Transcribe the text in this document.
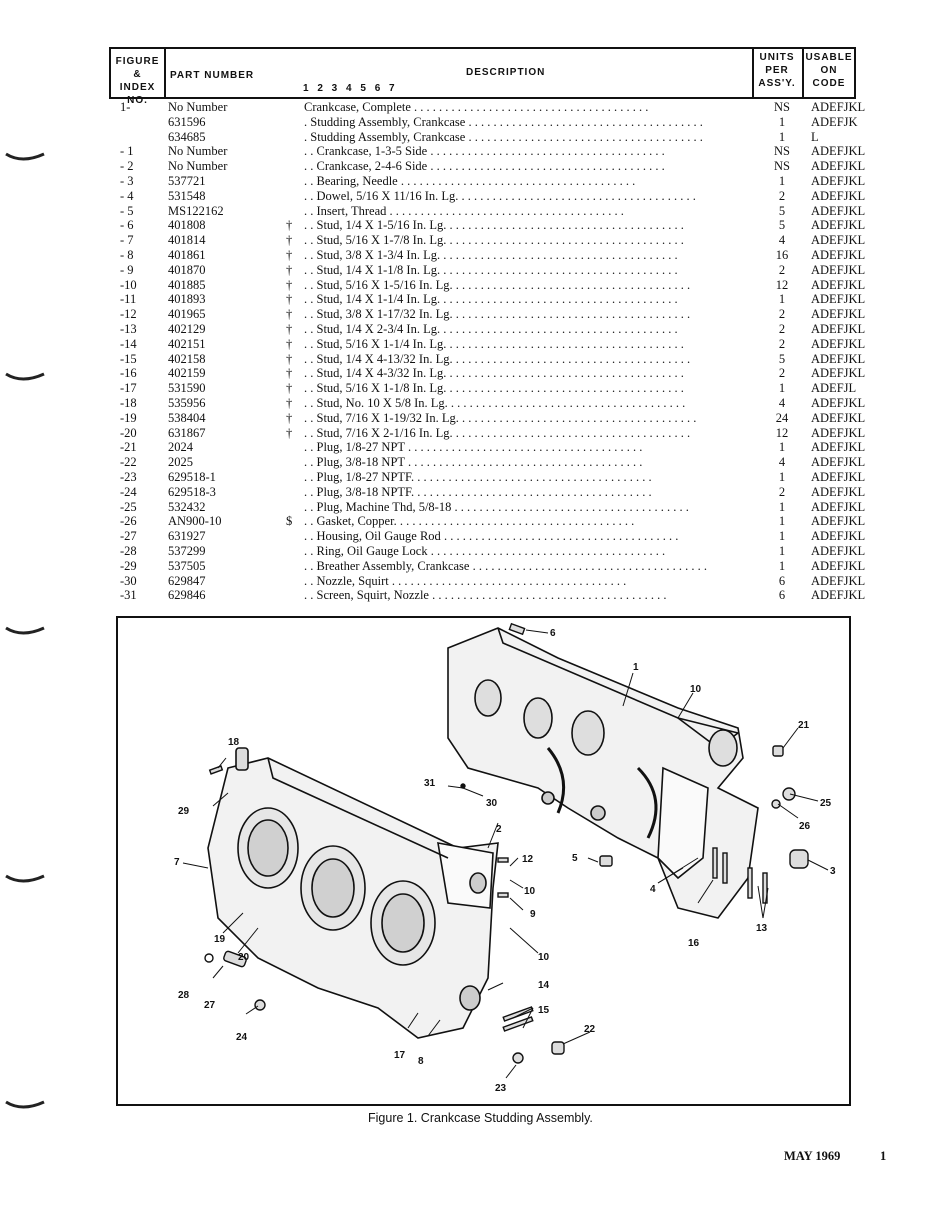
FIGURE &
INDEX
NO.
PART NUMBER
1 2 3 4 5 6 7
DESCRIPTION
UNITS
PER
ASS'Y.
USABLE
ON
CODE
1-	No Number	Crankcase, Complete . . . . . . . . . . . . . . . . . . . . . . . . . . . . . . . . . . . . . .	NS	ADEFJKL
631596	. Studding Assembly, Crankcase . . . . . . . . . . . . . . . . . . . . . . . . . . . . . . . . . . . . . .	1	ADEFJK
634685	. Studding Assembly, Crankcase . . . . . . . . . . . . . . . . . . . . . . . . . . . . . . . . . . . . . .	1	L
- 1	No Number	. . Crankcase, 1-3-5 Side . . . . . . . . . . . . . . . . . . . . . . . . . . . . . . . . . . . . . .	NS	ADEFJKL
- 2	No Number	. . Crankcase, 2-4-6 Side . . . . . . . . . . . . . . . . . . . . . . . . . . . . . . . . . . . . . .	NS	ADEFJKL
- 3	537721	. . Bearing, Needle . . . . . . . . . . . . . . . . . . . . . . . . . . . . . . . . . . . . . .	1	ADEFJKL
- 4	531548	. . Dowel, 5/16 X 11/16 In. Lg. . . . . . . . . . . . . . . . . . . . . . . . . . . . . . . . . . . . . . .	2	ADEFJKL
- 5	MS122162	. . Insert, Thread . . . . . . . . . . . . . . . . . . . . . . . . . . . . . . . . . . . . . .	5	ADEFJKL
- 6	401808	† . . Stud, 1/4 X 1-5/16 In. Lg. . . . . . . . . . . . . . . . . . . . . . . . . . . . . . . . . . . . . . .	5	ADEFJKL
- 7	401814	† . . Stud, 5/16 X 1-7/8 In. Lg. . . . . . . . . . . . . . . . . . . . . . . . . . . . . . . . . . . . . . .	4	ADEFJKL
- 8	401861	† . . Stud, 3/8 X 1-3/4 In. Lg. . . . . . . . . . . . . . . . . . . . . . . . . . . . . . . . . . . . . . .	16	ADEFJKL
- 9	401870	† . . Stud, 1/4 X 1-1/8 In. Lg. . . . . . . . . . . . . . . . . . . . . . . . . . . . . . . . . . . . . . .	2	ADEFJKL
-10	401885	† . . Stud, 5/16 X 1-5/16 In. Lg. . . . . . . . . . . . . . . . . . . . . . . . . . . . . . . . . . . . . . .	12	ADEFJKL
-11	401893	† . . Stud, 1/4 X 1-1/4 In. Lg. . . . . . . . . . . . . . . . . . . . . . . . . . . . . . . . . . . . . . .	1	ADEFJKL
-12	401965	† . . Stud, 3/8 X 1-17/32 In. Lg. . . . . . . . . . . . . . . . . . . . . . . . . . . . . . . . . . . . . . .	2	ADEFJKL
-13	402129	† . . Stud, 1/4 X 2-3/4 In. Lg. . . . . . . . . . . . . . . . . . . . . . . . . . . . . . . . . . . . . . .	2	ADEFJKL
-14	402151	† . . Stud, 5/16 X 1-1/4 In. Lg. . . . . . . . . . . . . . . . . . . . . . . . . . . . . . . . . . . . . . .	2	ADEFJKL
-15	402158	† . . Stud, 1/4 X 4-13/32 In. Lg. . . . . . . . . . . . . . . . . . . . . . . . . . . . . . . . . . . . . . .	5	ADEFJKL
-16	402159	† . . Stud, 1/4 X 4-3/32 In. Lg. . . . . . . . . . . . . . . . . . . . . . . . . . . . . . . . . . . . . . .	2	ADEFJKL
-17	531590	† . . Stud, 5/16 X 1-1/8 In. Lg. . . . . . . . . . . . . . . . . . . . . . . . . . . . . . . . . . . . . . .	1	ADEFJL
-18	535956	† . . Stud, No. 10 X 5/8 In. Lg. . . . . . . . . . . . . . . . . . . . . . . . . . . . . . . . . . . . . . .	4	ADEFJKL
-19	538404	† . . Stud, 7/16 X 1-19/32 In. Lg. . . . . . . . . . . . . . . . . . . . . . . . . . . . . . . . . . . . . . .	24	ADEFJKL
-20	631867	† . . Stud, 7/16 X 2-1/16 In. Lg. . . . . . . . . . . . . . . . . . . . . . . . . . . . . . . . . . . . . . .	12	ADEFJKL
-21	2024	. . Plug, 1/8-27 NPT . . . . . . . . . . . . . . . . . . . . . . . . . . . . . . . . . . . . . .	1	ADEFJKL
-22	2025	. . Plug, 3/8-18 NPT . . . . . . . . . . . . . . . . . . . . . . . . . . . . . . . . . . . . . .	4	ADEFJKL
-23	629518-1	. . Plug, 1/8-27 NPTF. . . . . . . . . . . . . . . . . . . . . . . . . . . . . . . . . . . . . . .	1	ADEFJKL
-24	629518-3	. . Plug, 3/8-18 NPTF. . . . . . . . . . . . . . . . . . . . . . . . . . . . . . . . . . . . . . .	2	ADEFJKL
-25	532432	. . Plug, Machine Thd, 5/8-18 . . . . . . . . . . . . . . . . . . . . . . . . . . . . . . . . . . . . . .	1	ADEFJKL
-26	AN900-10	$ . . Gasket, Copper. . . . . . . . . . . . . . . . . . . . . . . . . . . . . . . . . . . . . . .	1	ADEFJKL
-27	631927	. . Housing, Oil Gauge Rod . . . . . . . . . . . . . . . . . . . . . . . . . . . . . . . . . . . . . .	1	ADEFJKL
-28	537299	. . Ring, Oil Gauge Lock . . . . . . . . . . . . . . . . . . . . . . . . . . . . . . . . . . . . . .	1	ADEFJKL
-29	537505	. . Breather Assembly, Crankcase . . . . . . . . . . . . . . . . . . . . . . . . . . . . . . . . . . . . . .	1	ADEFJKL
-30	629847	. . Nozzle, Squirt . . . . . . . . . . . . . . . . . . . . . . . . . . . . . . . . . . . . . .	6	ADEFJKL
-31	629846	. . Screen, Squirt, Nozzle . . . . . . . . . . . . . . . . . . . . . . . . . . . . . . . . . . . . . .	6	ADEFJKL
6
1
10
21
25
26
3
31
30
18
29
2
12
10
9
10
5
4
16
13
7
19
20
28
27
24
14
15
22
17
8
23
Figure 1. Crankcase Studding Assembly.
MAY 1969	1
